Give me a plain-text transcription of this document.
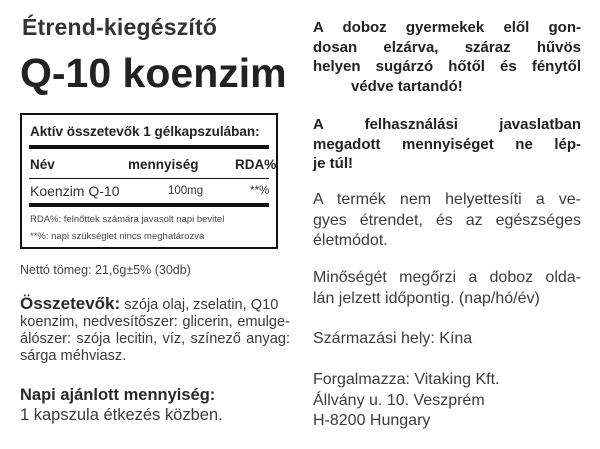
Étrend-kiegészítő
Q-10 koenzim
Aktív összetevők 1 gélkapszulában:
Név	mennyiség	RDA%
Koenzim Q-10	100mg	**%
RDA%: felnőttek számára javasolt napi bevitel
**%: napi szükséglet nincs meghatározva
Nettó tömeg: 21,6g±5% (30db)
Összetevők: szója olaj, zselatin, Q10
koenzim, nedvesítőszer: glicerin, emulge-
álószer: szója lecitin, víz, színező anyag:
sárga méhviasz.
Napi ajánlott mennyiség:
1 kapszula étkezés közben.
A doboz gyermekek elől gon-
dosan elzárva, száraz hűvös
helyen sugárzó hőtől és fénytől
védve tartandó!
A felhasználási javaslatban
megadott mennyiséget ne lép-
je túl!
A termék nem helyettesíti a ve-
gyes étrendet, és az egészséges
életmódot.
Minőségét megőrzi a doboz olda-
lán jelzett időpontig. (nap/hó/év)
Származási hely: Kína
Forgalmazza: Vitaking Kft.
Állvány u. 10. Veszprém
H-8200 Hungary
